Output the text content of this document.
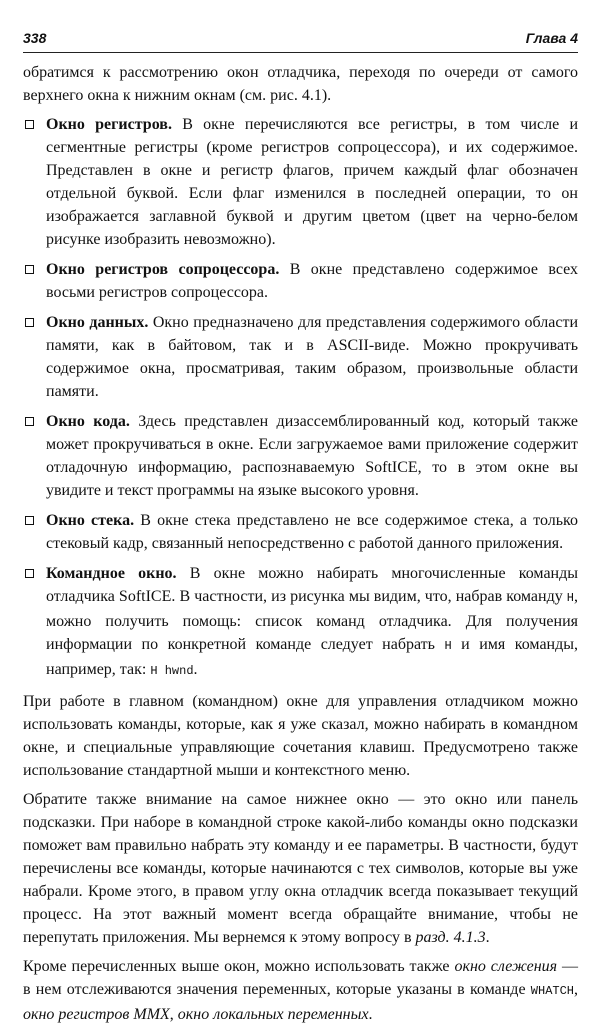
338	Глава 4

обратимся к рассмотрению окон отладчика, переходя по очереди от самого верхнего окна к нижним окнам (см. рис. 4.1).

Окно регистров. В окне перечисляются все регистры, в том числе и сегментные регистры (кроме регистров сопроцессора), и их содержимое. Представлен в окне и регистр флагов, причем каждый флаг обозначен отдельной буквой. Если флаг изменился в последней операции, то он изображается заглавной буквой и другим цветом (цвет на черно-белом рисунке изобразить невозможно).
Окно регистров сопроцессора. В окне представлено содержимое всех восьми регистров сопроцессора.
Окно данных. Окно предназначено для представления содержимого области памяти, как в байтовом, так и в ASCII-виде. Можно прокручивать содержимое окна, просматривая, таким образом, произвольные области памяти.
Окно кода. Здесь представлен дизассемблированный код, который также может прокручиваться в окне. Если загружаемое вами приложение содержит отладочную информацию, распознаваемую SoftICE, то в этом окне вы увидите и текст программы на языке высокого уровня.
Окно стека. В окне стека представлено не все содержимое стека, а только стековый кадр, связанный непосредственно с работой данного приложения.
Командное окно. В окне можно набирать многочисленные команды отладчика SoftICE. В частности, из рисунка мы видим, что, набрав команду H, можно получить помощь: список команд отладчика. Для получения информации по конкретной команде следует набрать H и имя команды, например, так: H hwnd.

При работе в главном (командном) окне для управления отладчиком можно использовать команды, которые, как я уже сказал, можно набирать в командном окне, и специальные управляющие сочетания клавиш. Предусмотрено также использование стандартной мыши и контекстного меню.

Обратите также внимание на самое нижнее окно — это окно или панель подсказки. При наборе в командной строке какой-либо команды окно подсказки поможет вам правильно набрать эту команду и ее параметры. В частности, будут перечислены все команды, которые начинаются с тех символов, которые вы уже набрали. Кроме этого, в правом углу окна отладчик всегда показывает текущий процесс. На этот важный момент всегда обращайте внимание, чтобы не перепутать приложения. Мы вернемся к этому вопросу в разд. 4.1.3.

Кроме перечисленных выше окон, можно использовать также окно слежения — в нем отслеживаются значения переменных, которые указаны в команде WHATCH, окно регистров MMX, окно локальных переменных.
